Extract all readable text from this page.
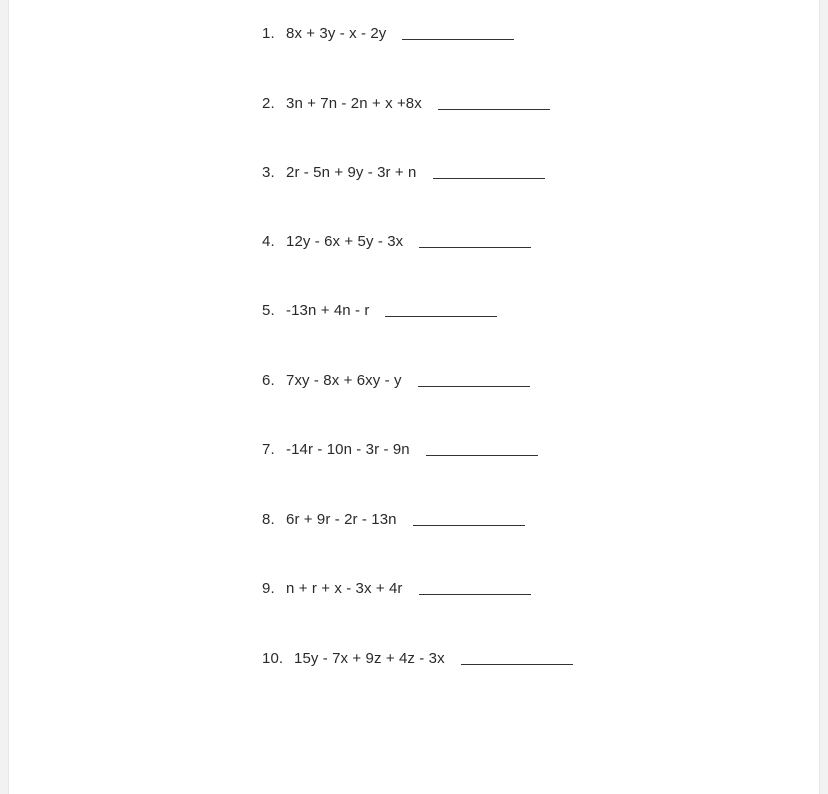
1. 8x + 3y - x - 2y
2. 3n + 7n - 2n + x +8x
3. 2r - 5n + 9y - 3r + n
4. 12y - 6x + 5y - 3x
5. -13n + 4n - r
6. 7xy - 8x + 6xy - y
7. -14r - 10n - 3r - 9n
8. 6r + 9r - 2r - 13n
9. n + r + x - 3x + 4r
10. 15y - 7x + 9z + 4z - 3x
